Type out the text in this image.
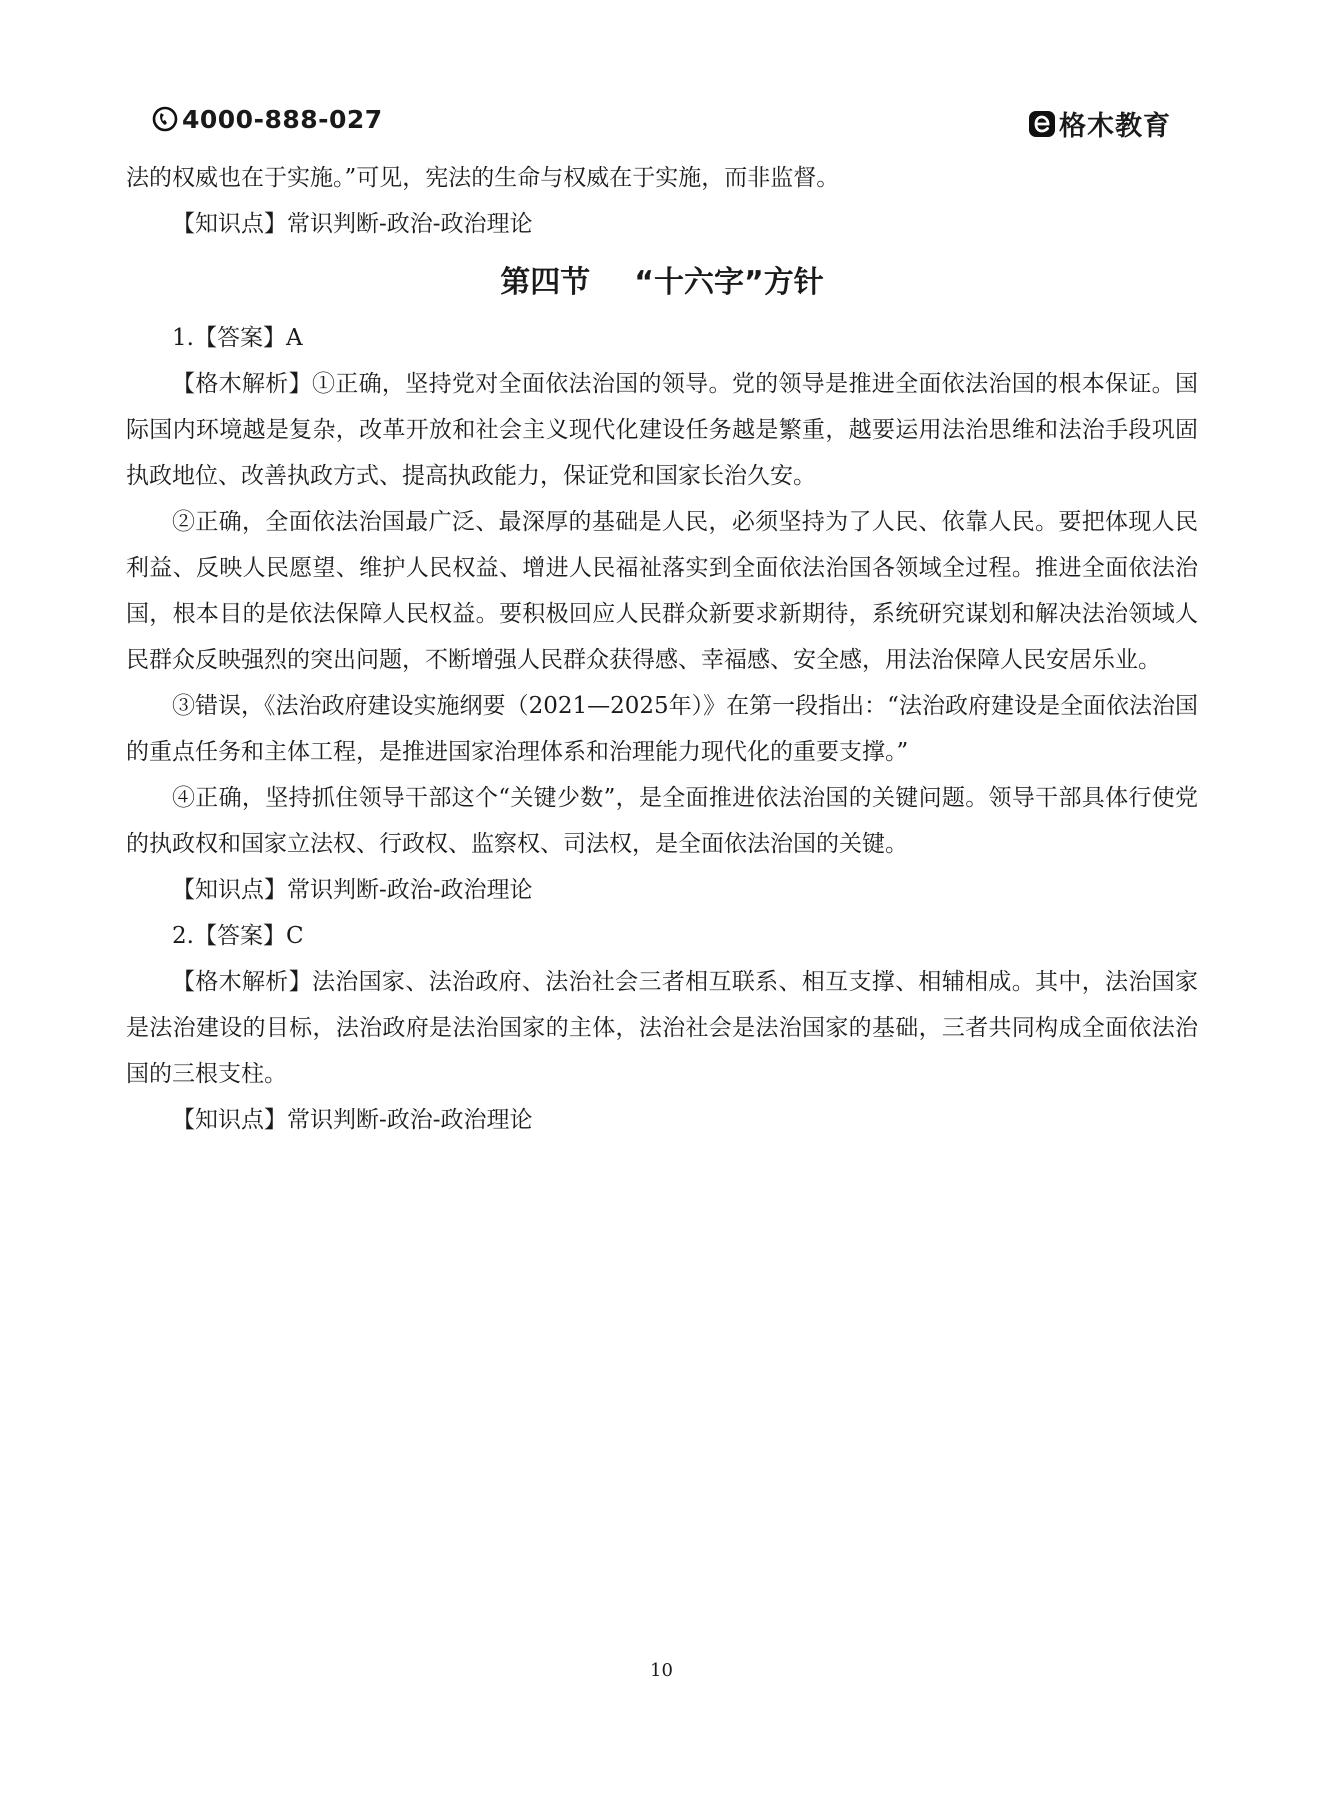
4000-888-027	格木教育

法的权威也在于实施。”可见，宪法的生命与权威在于实施，而非监督。

【知识点】常识判断-政治-政治理论

第四节 “十六字”方针

1.【答案】A

【格木解析】①正确，坚持党对全面依法治国的领导。党的领导是推进全面依法治国的根本保证。国际国内环境越是复杂，改革开放和社会主义现代化建设任务越是繁重，越要运用法治思维和法治手段巩固执政地位、改善执政方式、提高执政能力，保证党和国家长治久安。

②正确，全面依法治国最广泛、最深厚的基础是人民，必须坚持为了人民、依靠人民。要把体现人民利益、反映人民愿望、维护人民权益、增进人民福祉落实到全面依法治国各领域全过程。推进全面依法治国，根本目的是依法保障人民权益。要积极回应人民群众新要求新期待，系统研究谋划和解决法治领域人民群众反映强烈的突出问题，不断增强人民群众获得感、幸福感、安全感，用法治保障人民安居乐业。

③错误，《法治政府建设实施纲要（2021—2025年）》在第一段指出：“法治政府建设是全面依法治国的重点任务和主体工程，是推进国家治理体系和治理能力现代化的重要支撑。”

④正确，坚持抓住领导干部这个“关键少数”，是全面推进依法治国的关键问题。领导干部具体行使党的执政权和国家立法权、行政权、监察权、司法权，是全面依法治国的关键。

【知识点】常识判断-政治-政治理论

2.【答案】C

【格木解析】法治国家、法治政府、法治社会三者相互联系、相互支撑、相辅相成。其中，法治国家是法治建设的目标，法治政府是法治国家的主体，法治社会是法治国家的基础，三者共同构成全面依法治国的三根支柱。

【知识点】常识判断-政治-政治理论

10
